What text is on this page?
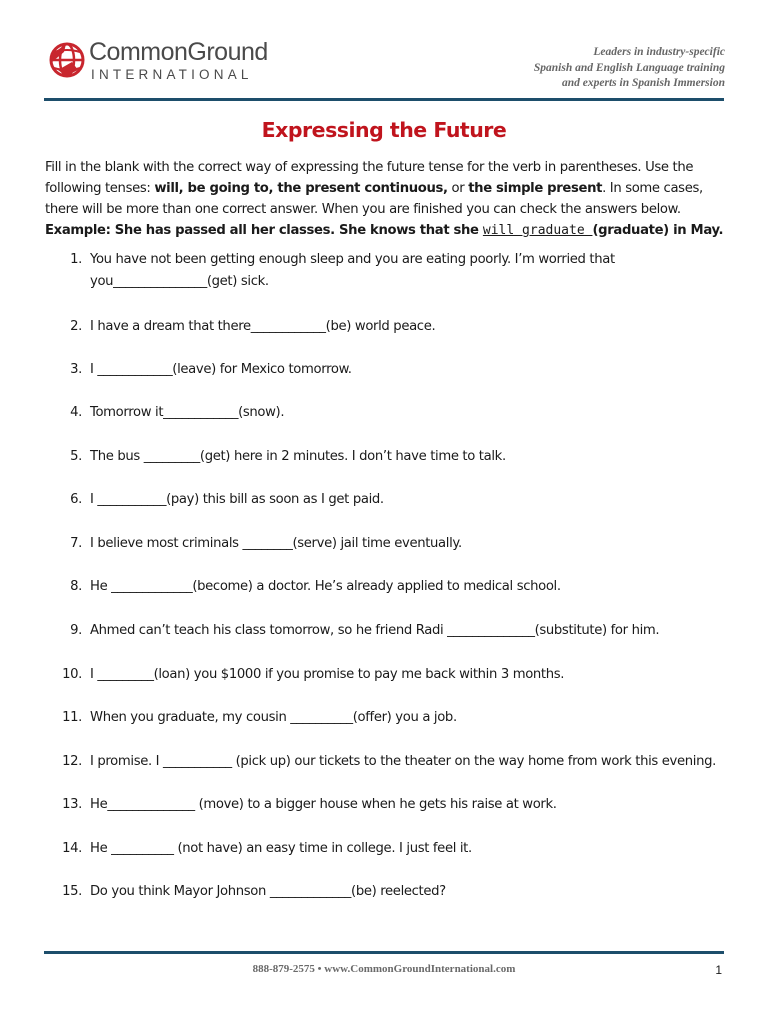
CommonGround
INTERNATIONAL
Leaders in industry-specific
Spanish and English Language training
and experts in Spanish Immersion
Expressing the Future
Fill in the blank with the correct way of expressing the future tense for the verb in parentheses. Use the following tenses: will, be going to, the present continuous, or the simple present. In some cases, there will be more than one correct answer. When you are finished you can check the answers below. Example: She has passed all her classes. She knows that she will graduate (graduate) in May.
1. You have not been getting enough sleep and you are eating poorly. I’m worried that
you_______________(get) sick.
2. I have a dream that there____________(be) world peace.
3. I ____________(leave) for Mexico tomorrow.
4. Tomorrow it____________(snow).
5. The bus _________(get) here in 2 minutes. I don’t have time to talk.
6. I ___________(pay) this bill as soon as I get paid.
7. I believe most criminals ________(serve) jail time eventually.
8. He _____________(become) a doctor. He’s already applied to medical school.
9. Ahmed can’t teach his class tomorrow, so he friend Radi ______________(substitute) for him.
10. I _________(loan) you $1000 if you promise to pay me back within 3 months.
11. When you graduate, my cousin __________(offer) you a job.
12. I promise. I ___________ (pick up) our tickets to the theater on the way home from work this evening.
13. He______________ (move) to a bigger house when he gets his raise at work.
14. He __________ (not have) an easy time in college. I just feel it.
15. Do you think Mayor Johnson _____________(be) reelected?
888-879-2575 • www.CommonGroundInternational.com	1
